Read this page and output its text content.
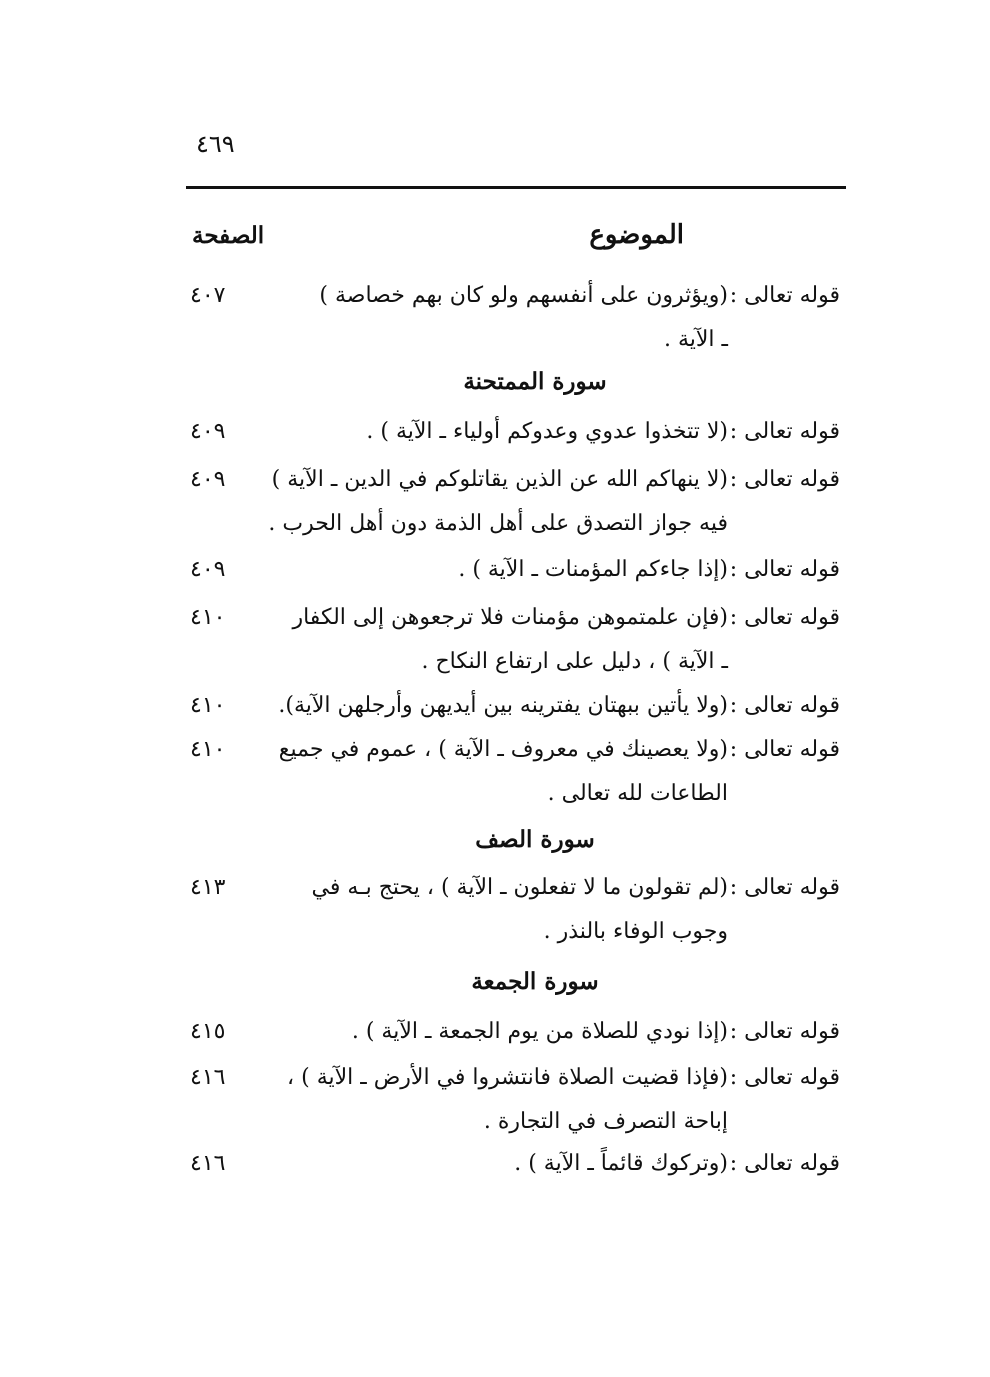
٤٦٩
الموضوع
الصفحة
قوله تعالى :
(ويؤثرون على أنفسهم ولو كان بهم خصاصة )
ـ الآية .
٤٠٧
سورة الممتحنة
قوله تعالى :
(لا تتخذوا عدوي وعدوكم أولياء ـ الآية ) .
٤٠٩
قوله تعالى :
(لا ينهاكم الله عن الذين يقاتلوكم في الدين ـ الآية )
فيه جواز التصدق على أهل الذمة دون أهل الحرب .
٤٠٩
قوله تعالى :
(إذا جاءكم المؤمنات ـ الآية ) .
٤٠٩
قوله تعالى :
(فإن علمتموهن مؤمنات فلا ترجعوهن إلى الكفار
ـ الآية ) ، دليل على ارتفاع النكاح .
٤١٠
قوله تعالى :
(ولا يأتين ببهتان يفترينه بين أيديهن وأرجلهن الآية).
٤١٠
قوله تعالى :
(ولا يعصينك في معروف ـ الآية ) ، عموم في جميع
الطاعات لله تعالى .
٤١٠
سورة الصف
قوله تعالى :
(لم تقولون ما لا تفعلون ـ الآية ) ، يحتج بـه في
وجوب الوفاء بالنذر .
٤١٣
سورة الجمعة
قوله تعالى :
(إذا نودي للصلاة من يوم الجمعة ـ الآية ) .
٤١٥
قوله تعالى :
(فإذا قضيت الصلاة فانتشروا في الأرض ـ الآية ) ،
إباحة التصرف في التجارة .
٤١٦
قوله تعالى :
(وتركوك قائماً ـ الآية ) .
٤١٦
